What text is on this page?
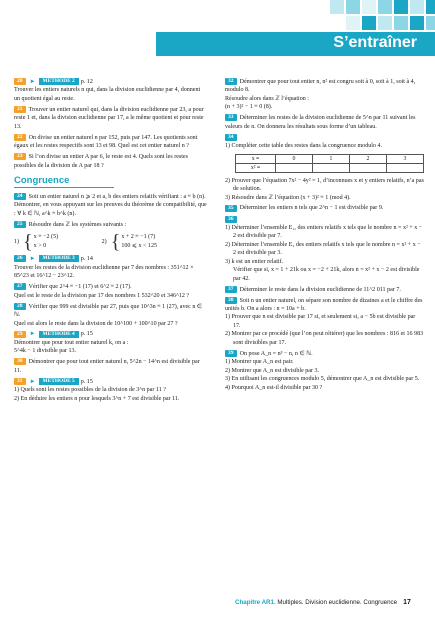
S’entraîner
20 ► MÉTHODE 2 p. 12
Trouver les entiers naturels n qui, dans la division euclidienne par 4, donnent un quotient égal au reste.
21 Trouver un entier naturel qui, dans la division euclidienne par 23, a pour reste 1 et, dans la division euclidienne par 17, a le même quotient et pour reste 13.
22 On divise un entier naturel n par 152, puis par 147. Les quotients sont égaux et les restes respectifs sont 13 et 98. Quel est cet entier naturel n ?
23 Si l’on divise un entier A par 6, le reste est 4. Quels sont les restes possibles de la division de A par 18 ?
Congruence
24 Soit un entier naturel n ⩾ 2 et a, b des entiers relatifs vérifiant : a ≡ b (n).
Démontrer, en vous appuyant sur les preuves du théorème de compatibilité, que : ∀ k ∈ ℕ, a^k ≡ b^k (n).
25 Résoudre dans ℤ les systèmes suivants :
1) { x ≡ −2 (5)
x > 0
2) { x + 2 ≡ −1 (7)
100 ⩽ x < 125
26 ► MÉTHODE 3 p. 14
Trouver les restes de la division euclidienne par 7 des nombres : 351^12 × 85^23 et 16^12 − 23^12.
27 Vérifier que 2^4 ≡ −1 (17) et 6^2 ≡ 2 (17).
Quel est le reste de la division par 17 des nombres 1 532^20 et 346^12 ?
28 Vérifier que 999 est divisible par 27, puis que 10^3n ≡ 1 (27), avec n ∈ ℕ.
Quel est alors le reste dans la division de 10^100 + 100^10 par 27 ?
29 ► MÉTHODE 4 p. 15
Démontrer que pour tout entier naturel k, on a :
5^4k − 1 divisible par 13.
30 Démontrer que pour tout entier naturel n, 5^2n − 14^n est divisible par 11.
31 ► MÉTHODE 5 p. 15
1) Quels sont les restes possibles de la division de 3^n par 11 ?
2) En déduire les entiers n pour lesquels 3^n + 7 est divisible par 11.
32 Démontrer que pour tout entier n, n² est congru soit à 0, soit à 1, soit à 4, modulo 8.
Résoudre alors dans ℤ l’équation :
(n + 3)² − 1 ≡ 0 (8).
33 Déterminer les restes de la division euclidienne de 5^n par 11 suivant les valeurs de n. On donnera les résultats sous forme d’un tableau.
34
1) Compléter cette table des restes dans la congruence modulo 4.
x ≡	0	1	2	3
x² ≡				
2) Prouver que l’équation 7x² − 4y² = 1, d’inconnues x et y entiers relatifs, n’a pas de solution.
3) Résoudre dans ℤ l’équation (x + 3)² ≡ 1 (mod 4).
35 Déterminer les entiers n tels que 2^n − 1 est divisible par 9.
36
1) Déterminer l’ensemble E₁, des entiers relatifs x tels que le nombre n = x² + x − 2 est divisible par 7.
2) Déterminer l’ensemble E₂ des entiers relatifs x tels que le nombre n = x² + x − 2 est divisible par 3.
3) k est un entier relatif.
Vérifier que si, x = 1 + 21k ou x = −2 + 21k, alors n = x² + x − 2 est divisible par 42.
37 Déterminer le reste dans la division euclidienne de 11^2 011 par 7.
38 Soit n un entier naturel, on sépare son nombre de dizaines a et le chiffre des unités b. On a alors : n = 10a + b.
1) Prouver que n est divisible par 17 si, et seulement si, a − 5b est divisible par 17.
2) Montrer par ce procédé (que l’on peut réitérer) que les nombres : 816 et 16 983 sont divisibles par 17.
39 On pose A_n = n³ − n, n ∈ ℕ.
1) Montrer que A_n est pair.
2) Montrer que A_n est divisible par 3.
3) En utilisant les congruences modulo 5, démontrer que A_n est divisible par 5.
4) Pourquoi A_n est-il divisible par 30 ?
Chapitre AR1. Multiples. Division euclidienne. Congruence 17
